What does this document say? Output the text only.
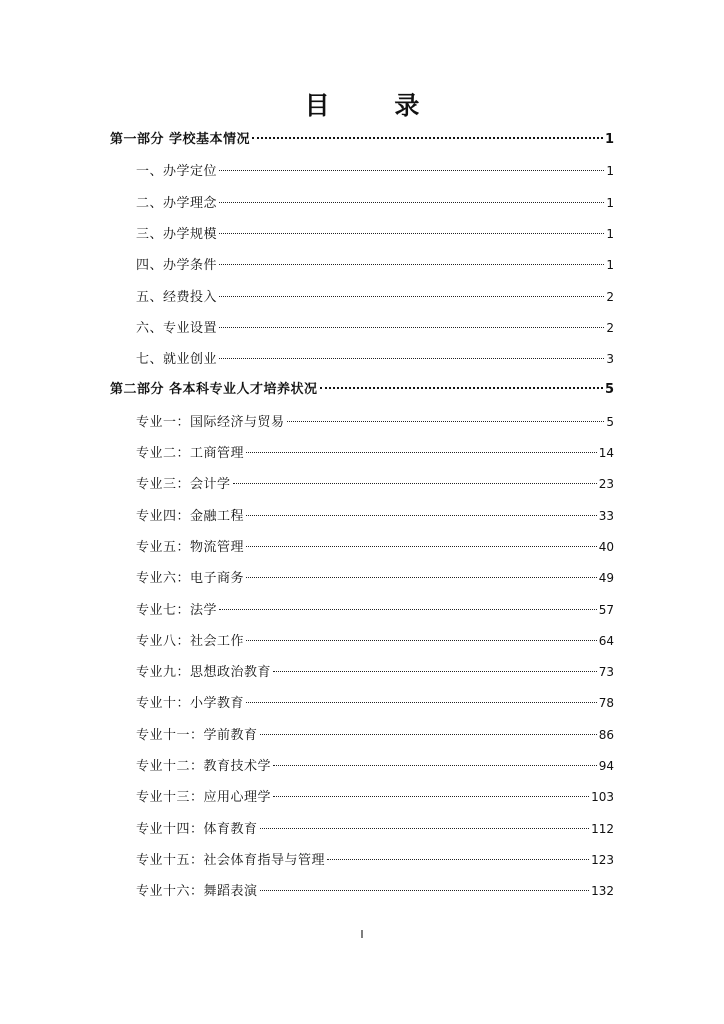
目 录
第一部分 学校基本情况	1
一、办学定位	1
二、办学理念	1
三、办学规模	1
四、办学条件	1
五、经费投入	2
六、专业设置	2
七、就业创业	3
第二部分 各本科专业人才培养状况	5
专业一：国际经济与贸易	5
专业二：工商管理	14
专业三：会计学	23
专业四：金融工程	33
专业五：物流管理	40
专业六：电子商务	49
专业七：法学	57
专业八：社会工作	64
专业九：思想政治教育	73
专业十：小学教育	78
专业十一：学前教育	86
专业十二：教育技术学	94
专业十三：应用心理学	103
专业十四：体育教育	112
专业十五：社会体育指导与管理	123
专业十六：舞蹈表演	132
I
